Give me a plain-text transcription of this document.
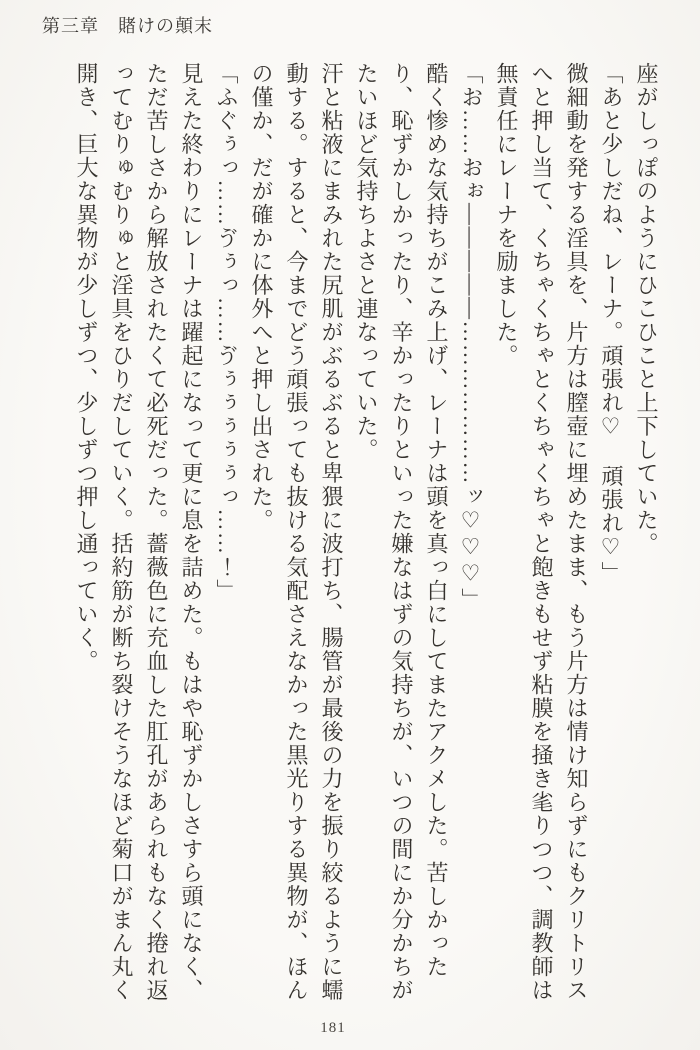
第三章　賭けの顛末

座がしっぽのようにひこひこと上下していた。

「あと少しだね、レーナ。頑張れ♡　頑張れ♡」

微細動を発する淫具を、片方は膣壺に埋めたまま、もう片方は情け知らずにもクリトリスへと押し当て、くちゃくちゃとくちゃくちゃと飽きもせず粘膜を掻き毟りつつ、調教師は無責任にレーナを励ました。

「お……おぉ―――――…………………ッ♡♡♡」

酷く惨めな気持ちがこみ上げ、レーナは頭を真っ白にしてまたアクメした。苦しかったり、恥ずかしかったり、辛かったりといった嫌なはずの気持ちが、いつの間にか分かちがたいほど気持ちよさと連なっていた。

汗と粘液にまみれた尻肌がぶるぶると卑猥に波打ち、腸管が最後の力を振り絞るように蠕動する。すると、今までどう頑張っても抜ける気配さえなかった黒光りする異物が、ほんの僅か、だが確かに体外へと押し出された。

「ふぐぅっ……ゔぅっ……ゔぅぅぅぅぅっ……！」

見えた終わりにレーナは躍起になって更に息を詰めた。もはや恥ずかしさすら頭になく、ただ苦しさから解放されたくて必死だった。薔薇色に充血した肛孔があられもなく捲れ返ってむりゅむりゅと淫具をひりだしていく。括約筋が断ち裂けそうなほど菊口がまん丸く開き、巨大な異物が少しずつ、少しずつ押し通っていく。

181
